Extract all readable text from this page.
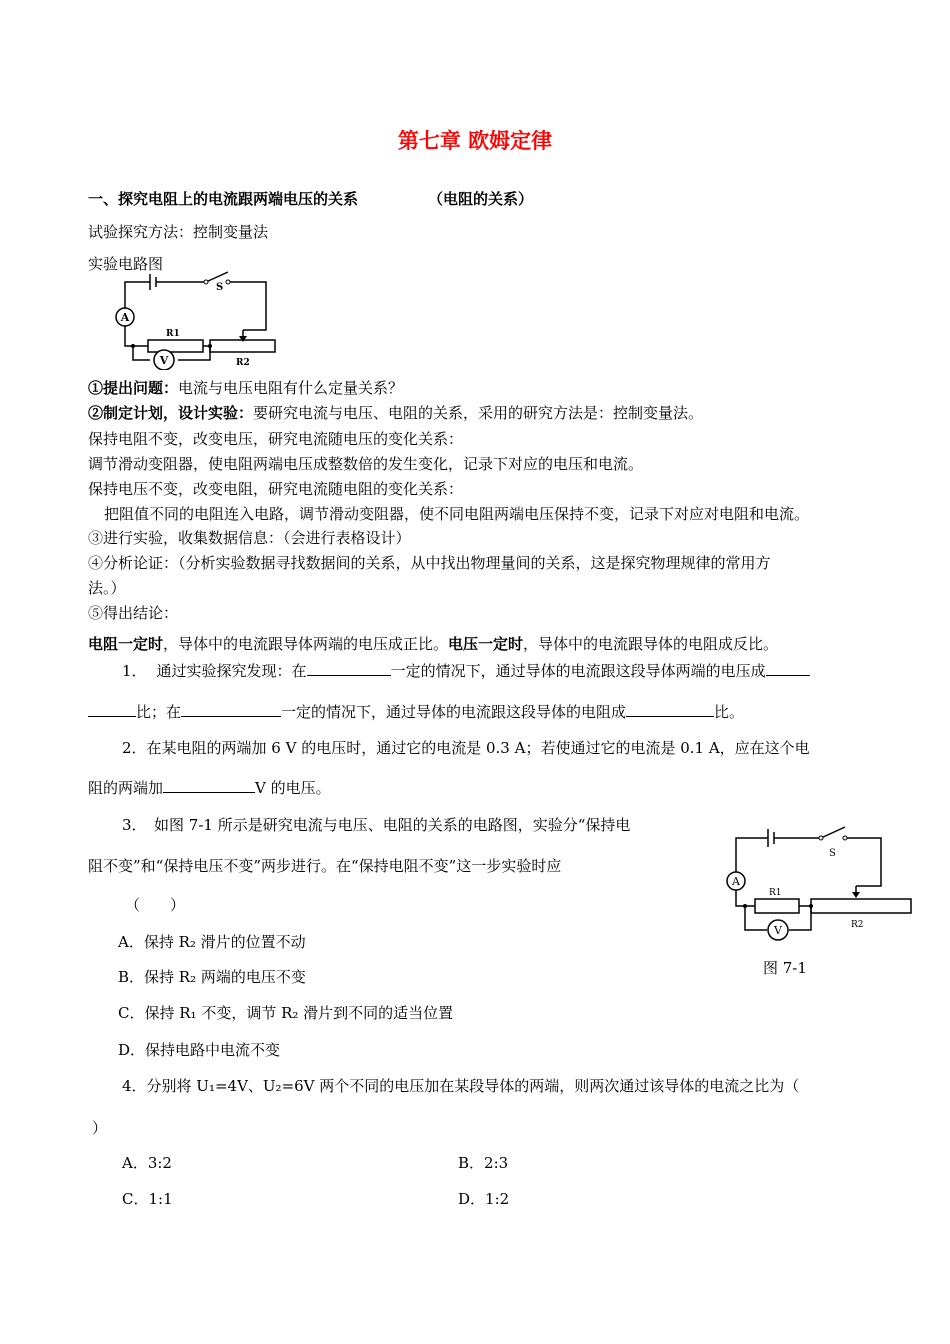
第七章 欧姆定律
一、探究电阻上的电流跟两端电压的关系	（电阻的关系）
试验探究方法：控制变量法
实验电路图
A
V
S
R1
R2
①提出问题：电流与电压电阻有什么定量关系？
②制定计划，设计实验：要研究电流与电压、电阻的关系，采用的研究方法是：控制变量法。
保持电阻不变，改变电压，研究电流随电压的变化关系：
调节滑动变阻器，使电阻两端电压成整数倍的发生变化，记录下对应的电压和电流。
保持电压不变，改变电阻，研究电流随电阻的变化关系：
把阻值不同的电阻连入电路，调节滑动变阻器，使不同电阻两端电压保持不变，记录下对应对电阻和电流。
③进行实验，收集数据信息：（会进行表格设计）
④分析论证：（分析实验数据寻找数据间的关系，从中找出物理量间的关系，这是探究物理规律的常用方
法。）
⑤得出结论：
电阻一定时，导体中的电流跟导体两端的电压成正比。电压一定时，导体中的电流跟导体的电阻成反比。
1． 通过实验探究发现：在	一定的情况下，通过导体的电流跟这段导体两端的电压成
比；在	一定的情况下，通过导体的电流跟这段导体的电阻成	比。
2．在某电阻的两端加 6 V 的电压时，通过它的电流是 0.3 A；若使通过它的电流是 0.1 A，应在这个电
阻的两端加	V 的电压。
3．　如图 7-1 所示是研究电流与电压、电阻的关系的电路图，实验分“保持电
阻不变”和“保持电压不变”两步进行。在“保持电阻不变”这一步实验时应
（　　）
A．保持 R₂ 滑片的位置不动
B．保持 R₂ 两端的电压不变
C．保持 R₁ 不变，调节 R₂ 滑片到不同的适当位置
D．保持电路中电流不变
A
V
S
R1
R2
图 7-1
4．分别将 U₁=4V、U₂=6V 两个不同的电压加在某段导体的两端，则两次通过该导体的电流之比为（
）
A．3:2	B．2:3
C．1:1	D．1:2
